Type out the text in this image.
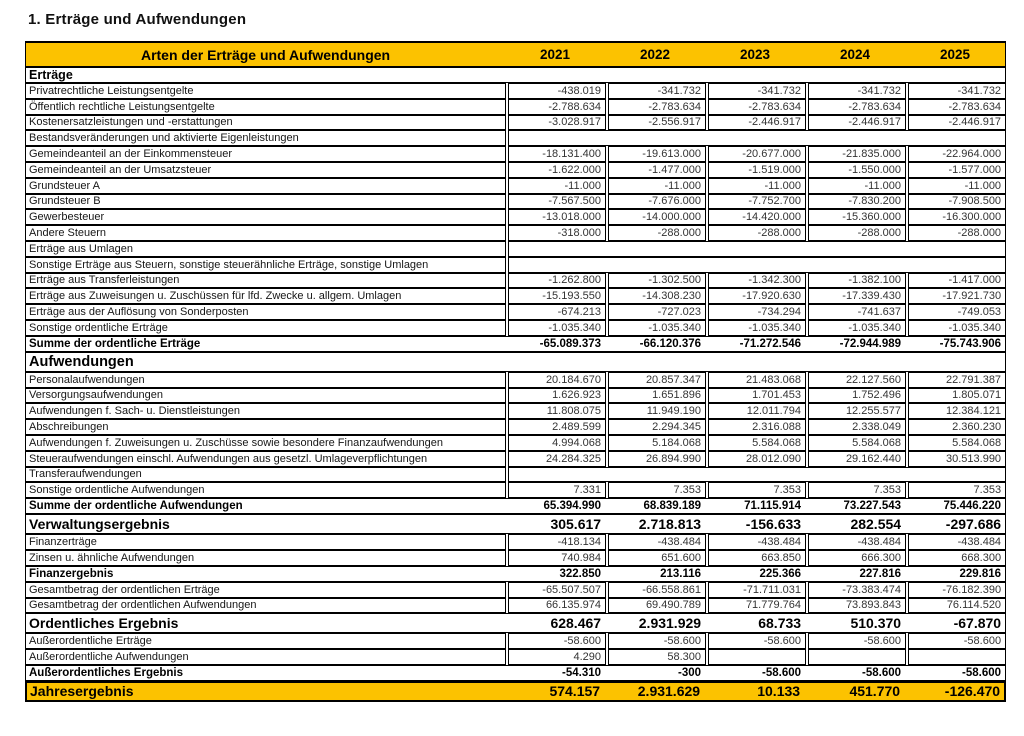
1. Erträge und Aufwendungen
Arten der Erträge und Aufwendungen	2021	2022	2023	2024	2025

Erträge					

Privatrechtliche Leistungsentgelte	-438.019	-341.732	-341.732	-341.732	-341.732
Öffentlich rechtliche Leistungsentgelte	-2.788.634	-2.783.634	-2.783.634	-2.783.634	-2.783.634
Kostenersatzleistungen und -erstattungen	-3.028.917	-2.556.917	-2.446.917	-2.446.917	-2.446.917
Bestandsveränderungen und aktivierte Eigenleistungen					
Gemeindeanteil an der Einkommensteuer	-18.131.400	-19.613.000	-20.677.000	-21.835.000	-22.964.000
Gemeindeanteil an der Umsatzsteuer	-1.622.000	-1.477.000	-1.519.000	-1.550.000	-1.577.000
Grundsteuer A	-11.000	-11.000	-11.000	-11.000	-11.000
Grundsteuer B	-7.567.500	-7.676.000	-7.752.700	-7.830.200	-7.908.500
Gewerbesteuer	-13.018.000	-14.000.000	-14.420.000	-15.360.000	-16.300.000
Andere Steuern	-318.000	-288.000	-288.000	-288.000	-288.000
Erträge aus Umlagen					
Sonstige Erträge aus Steuern, sonstige steuerähnliche Erträge, sonstige Umlagen					
Erträge aus Transferleistungen	-1.262.800	-1.302.500	-1.342.300	-1.382.100	-1.417.000
Erträge aus Zuweisungen u. Zuschüssen für lfd. Zwecke u. allgem. Umlagen	-15.193.550	-14.308.230	-17.920.630	-17.339.430	-17.921.730
Erträge aus der Auflösung von Sonderposten	-674.213	-727.023	-734.294	-741.637	-749.053
Sonstige ordentliche Erträge	-1.035.340	-1.035.340	-1.035.340	-1.035.340	-1.035.340

Summe der ordentliche Erträge	-65.089.373	-66.120.376	-71.272.546	-72.944.989	-75.743.906

Aufwendungen					

Personalaufwendungen	20.184.670	20.857.347	21.483.068	22.127.560	22.791.387
Versorgungsaufwendungen	1.626.923	1.651.896	1.701.453	1.752.496	1.805.071
Aufwendungen f. Sach- u. Dienstleistungen	11.808.075	11.949.190	12.011.794	12.255.577	12.384.121
Abschreibungen	2.489.599	2.294.345	2.316.088	2.338.049	2.360.230
Aufwendungen f. Zuweisungen u. Zuschüsse sowie besondere Finanzaufwendungen	4.994.068	5.184.068	5.584.068	5.584.068	5.584.068
Steueraufwendungen einschl. Aufwendungen aus gesetzl. Umlageverpflichtungen	24.284.325	26.894.990	28.012.090	29.162.440	30.513.990
Transferaufwendungen					
Sonstige ordentliche Aufwendungen	7.331	7.353	7.353	7.353	7.353

Summe der ordentliche Aufwendungen	65.394.990	68.839.189	71.115.914	73.227.543	75.446.220

Verwaltungsergebnis	305.617	2.718.813	-156.633	282.554	-297.686

Finanzerträge	-418.134	-438.484	-438.484	-438.484	-438.484
Zinsen u. ähnliche Aufwendungen	740.984	651.600	663.850	666.300	668.300

Finanzergebnis	322.850	213.116	225.366	227.816	229.816

Gesamtbetrag der ordentlichen Erträge	-65.507.507	-66.558.861	-71.711.031	-73.383.474	-76.182.390
Gesamtbetrag der ordentlichen Aufwendungen	66.135.974	69.490.789	71.779.764	73.893.843	76.114.520

Ordentliches Ergebnis	628.467	2.931.929	68.733	510.370	-67.870

Außerordentliche Erträge	-58.600	-58.600	-58.600	-58.600	-58.600
Außerordentliche Aufwendungen	4.290	58.300			

Außerordentliches Ergebnis	-54.310	-300	-58.600	-58.600	-58.600

Jahresergebnis	574.157	2.931.629	10.133	451.770	-126.470
